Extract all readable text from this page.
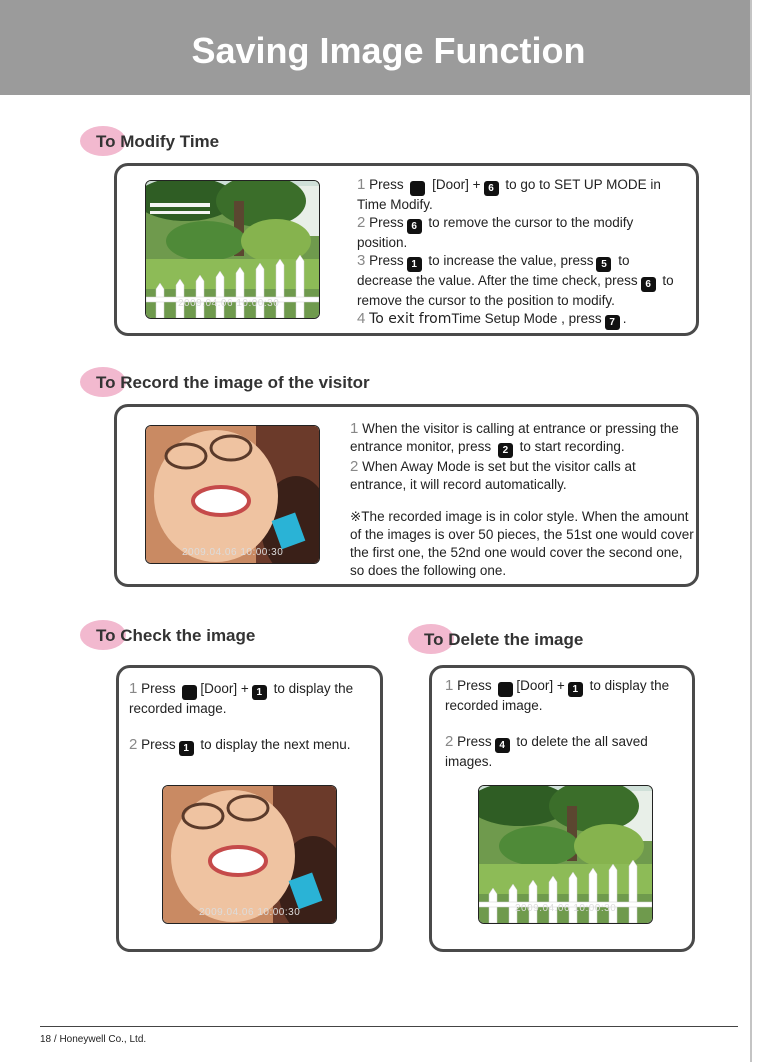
Saving Image Function
To Modify Time
2009.04.06 10:00:30

1 Press ■ [Door] + 6 to go to SET UP MODE in Time Modify.

2 Press 6 to remove the cursor to the modify position.

3 Press 1 to increase the value, press 5 to decrease the value. After the time check, press 6 to remove the cursor to the position to modify.

4 To exit fromTime Setup Mode , press 7 .

To Record the image of the visitor
2009.04.06 10:00:30

1 When the visitor is calling at entrance or pressing the entrance monitor, press 2 to start recording.

2 When Away Mode is set but the visitor calls at entrance, it will record automatically.

※The recorded image is in color style. When the amount of the images is over 50 pieces, the 51st one would cover the first one, the 52nd one would cover the second one, so does the following one.

To Check the image

1 Press ■ [Door] + 1 to display the recorded image.

2 Press 1 to display the next menu.

2009.04.06 10:00:30
To Delete the image

1 Press ■ [Door] + 1 to display the recorded image.

2 Press 4 to delete the all saved images.

2009.04.06 10:00:30
18 / Honeywell Co., Ltd.
